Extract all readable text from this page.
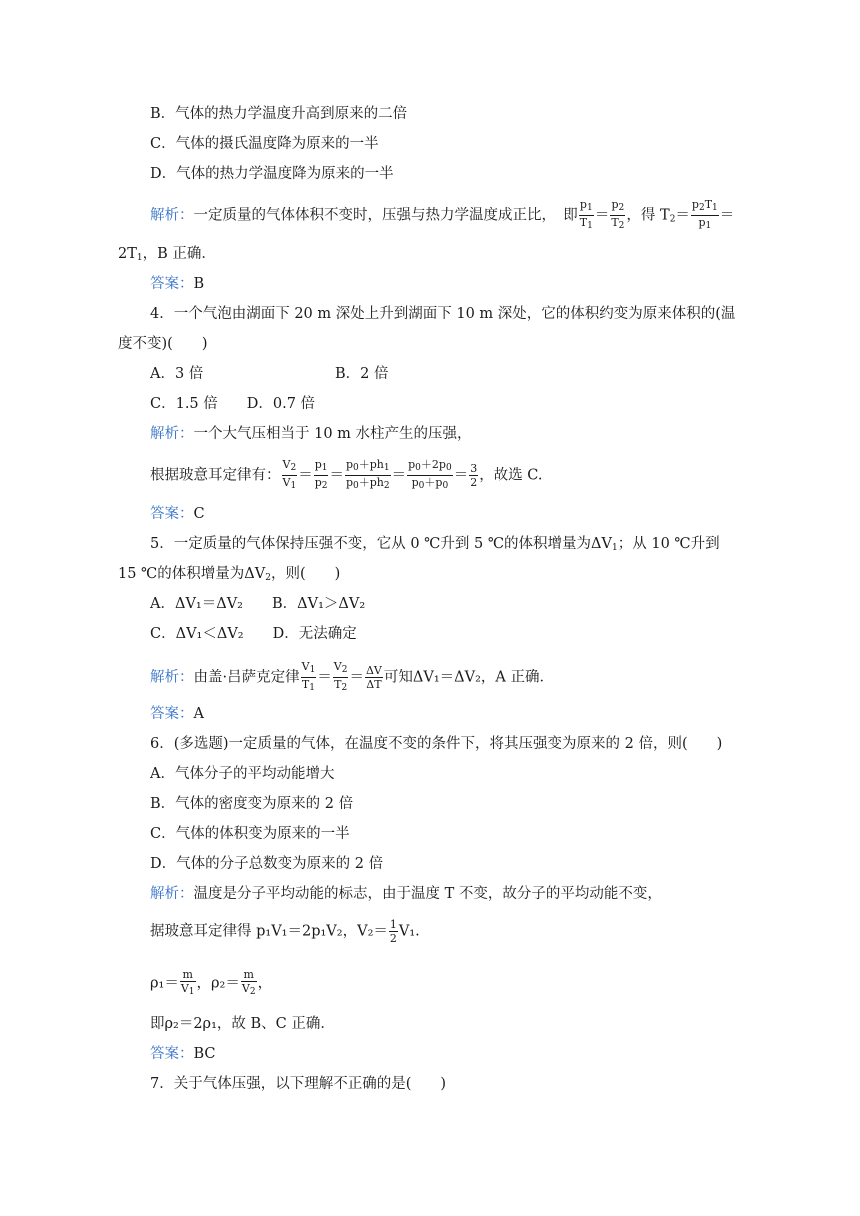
B．气体的热力学温度升高到原来的二倍
C．气体的摄氏温度降为原来的一半
D．气体的热力学温度降为原来的一半
解析：一定质量的气体体积不变时，压强与热力学温度成正比，　即 $\frac{p_1}{T_1} = \frac{p_2}{T_2}$ ，得 $T_2= \frac{p_2T_1}{p_1}$ ＝
$2T_1$，B 正确．
答案：B
4．一个气泡由湖面下 20 m 深处上升到湖面下 10 m 深处，它的体积约变为原来体积的(温
度不变)(　　)
A．3 倍	B．2 倍
C．1.5 倍　　D．0.7 倍
解析：一个大气压相当于 10 m 水柱产生的压强，
根据玻意耳定律有： $\frac{V_2}{V_1} = \frac{p_1}{p_2} = \frac{p_0+ph_1}{p_0+ph_2} = \frac{p_0+2p_0}{p_0+p_0} = \frac{3}{2}$ ，故选 C.
答案：C
5．一定质量的气体保持压强不变，它从 0 ℃升到 5 ℃的体积增量为$\Delta V_1$；从 10 ℃升到
15 ℃的体积增量为$\Delta V_2$，则(　　)
A．ΔV₁＝ΔV₂　　B．ΔV₁＞ΔV₂
C．ΔV₁＜ΔV₂　　D．无法确定
解析：由盖·吕萨克定律 $\frac{V_1}{T_1} = \frac{V_2}{T_2} = \frac{\Delta V}{\Delta T}$ 可知ΔV₁＝ΔV₂，A 正确．
答案：A
6．(多选题)一定质量的气体，在温度不变的条件下，将其压强变为原来的 2 倍，则(　　)
A．气体分子的平均动能增大
B．气体的密度变为原来的 2 倍
C．气体的体积变为原来的一半
D．气体的分子总数变为原来的 2 倍
解析：温度是分子平均动能的标志，由于温度 T 不变，故分子的平均动能不变，
据玻意耳定律得 p₁V₁＝2p₁V₂，$V_2= \frac{1}{2} V_1$.
$\rho_1= \frac{m}{V_1}$ ，$\rho_2= \frac{m}{V_2}$ ，
即ρ₂＝2ρ₁，故 B、C 正确．
答案：BC
7．关于气体压强，以下理解不正确的是(　　)
